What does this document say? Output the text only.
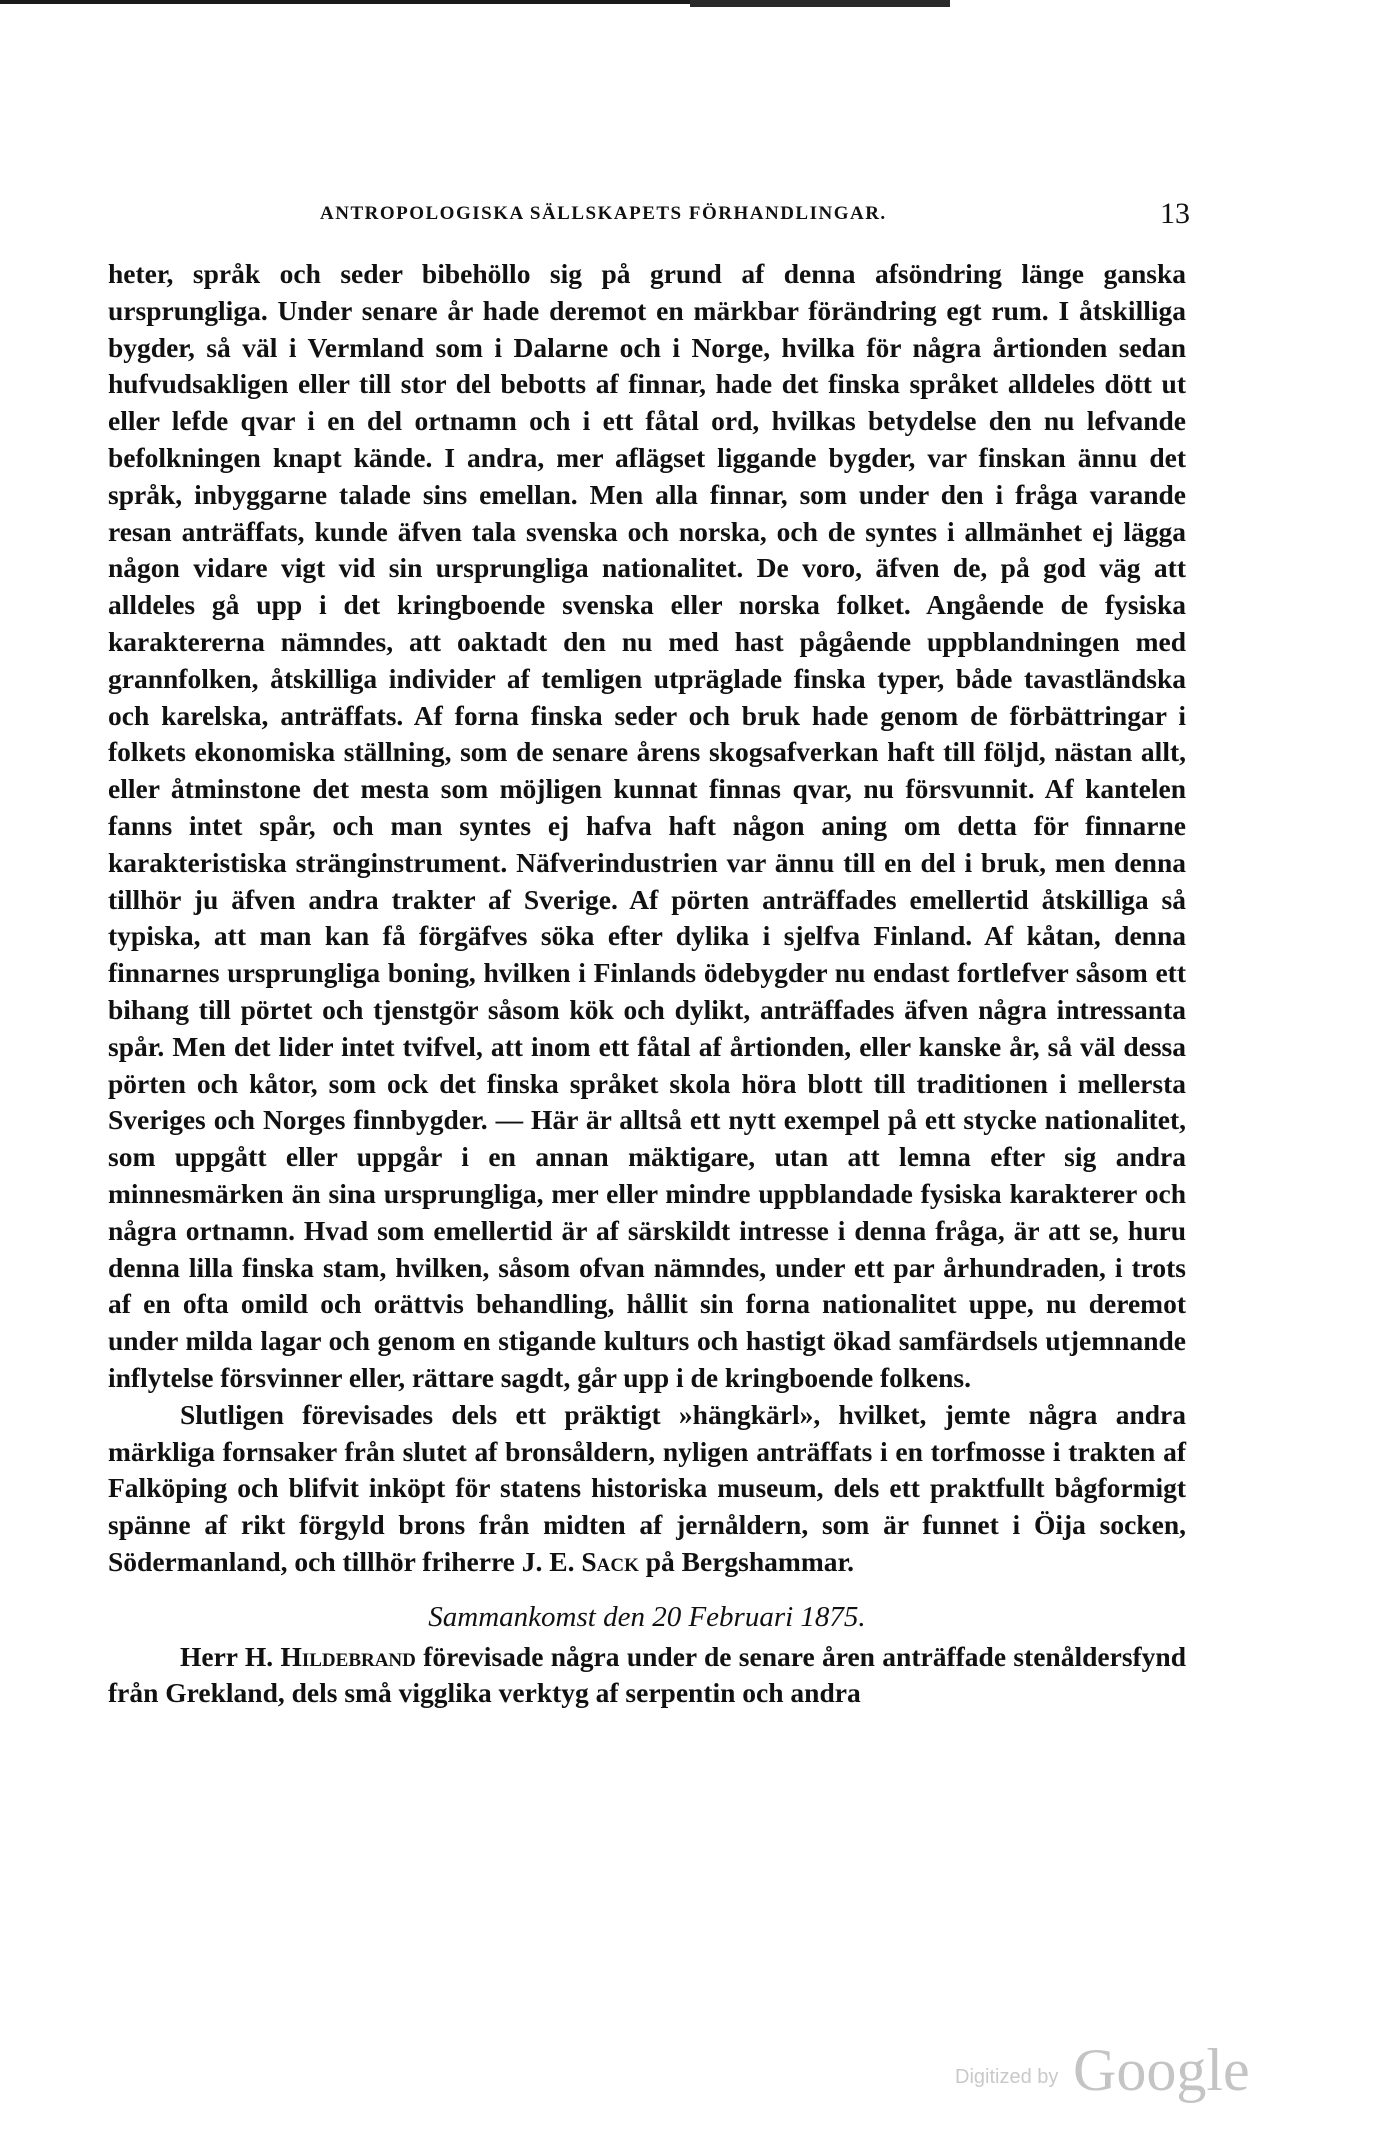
ANTROPOLOGISKA SÄLLSKAPETS FÖRHANDLINGAR.	13

heter, språk och seder bibehöllo sig på grund af denna afsöndring länge ganska ursprungliga. Under senare år hade deremot en märkbar förändring egt rum. I åtskilliga bygder, så väl i Vermland som i Dalarne och i Norge, hvilka för några årtionden sedan hufvudsakligen eller till stor del bebotts af finnar, hade det finska språket alldeles dött ut eller lefde qvar i en del ortnamn och i ett fåtal ord, hvilkas betydelse den nu lefvande befolkningen knapt kände. I andra, mer aflägset liggande bygder, var finskan ännu det språk, inbyggarne talade sins emellan. Men alla finnar, som under den i fråga varande resan anträffats, kunde äfven tala svenska och norska, och de syntes i allmänhet ej lägga någon vidare vigt vid sin ursprungliga nationalitet. De voro, äfven de, på god väg att alldeles gå upp i det kringboende svenska eller norska folket. Angående de fysiska karaktererna nämndes, att oaktadt den nu med hast pågående uppblandningen med grannfolken, åtskilliga individer af temligen utpräglade finska typer, både tavastländska och karelska, anträffats. Af forna finska seder och bruk hade genom de förbättringar i folkets ekonomiska ställning, som de senare årens skogsafverkan haft till följd, nästan allt, eller åtminstone det mesta som möjligen kunnat finnas qvar, nu försvunnit. Af kantelen fanns intet spår, och man syntes ej hafva haft någon aning om detta för finnarne karakteristiska stränginstrument. Näfverindustrien var ännu till en del i bruk, men denna tillhör ju äfven andra trakter af Sverige. Af pörten anträffades emellertid åtskilliga så typiska, att man kan få förgäfves söka efter dylika i sjelfva Finland. Af kåtan, denna finnarnes ursprungliga boning, hvilken i Finlands ödebygder nu endast fortlefver såsom ett bihang till pörtet och tjenstgör såsom kök och dylikt, anträffades äfven några intressanta spår. Men det lider intet tvifvel, att inom ett fåtal af årtionden, eller kanske år, så väl dessa pörten och kåtor, som ock det finska språket skola höra blott till traditionen i mellersta Sveriges och Norges finnbygder. — Här är alltså ett nytt exempel på ett stycke nationalitet, som uppgått eller uppgår i en annan mäktigare, utan att lemna efter sig andra minnesmärken än sina ursprungliga, mer eller mindre uppblandade fysiska karakterer och några ortnamn. Hvad som emellertid är af särskildt intresse i denna fråga, är att se, huru denna lilla finska stam, hvilken, såsom ofvan nämndes, under ett par århundraden, i trots af en ofta omild och orättvis behandling, hållit sin forna nationalitet uppe, nu deremot under milda lagar och genom en stigande kulturs och hastigt ökad samfärdsels utjemnande inflytelse försvinner eller, rättare sagdt, går upp i de kringboende folkens.

Slutligen förevisades dels ett präktigt »hängkärl», hvilket, jemte några andra märkliga fornsaker från slutet af bronsåldern, nyligen anträffats i en torfmosse i trakten af Falköping och blifvit inköpt för statens historiska museum, dels ett praktfullt bågformigt spänne af rikt förgyld brons från midten af jernåldern, som är funnet i Öija socken, Södermanland, och tillhör friherre J. E. Sack på Bergshammar.

Sammankomst den 20 Februari 1875.

Herr H. Hildebrand förevisade några under de senare åren anträffade stenåldersfynd från Grekland, dels små vigglika verktyg af serpentin och andra

Digitized by Google
